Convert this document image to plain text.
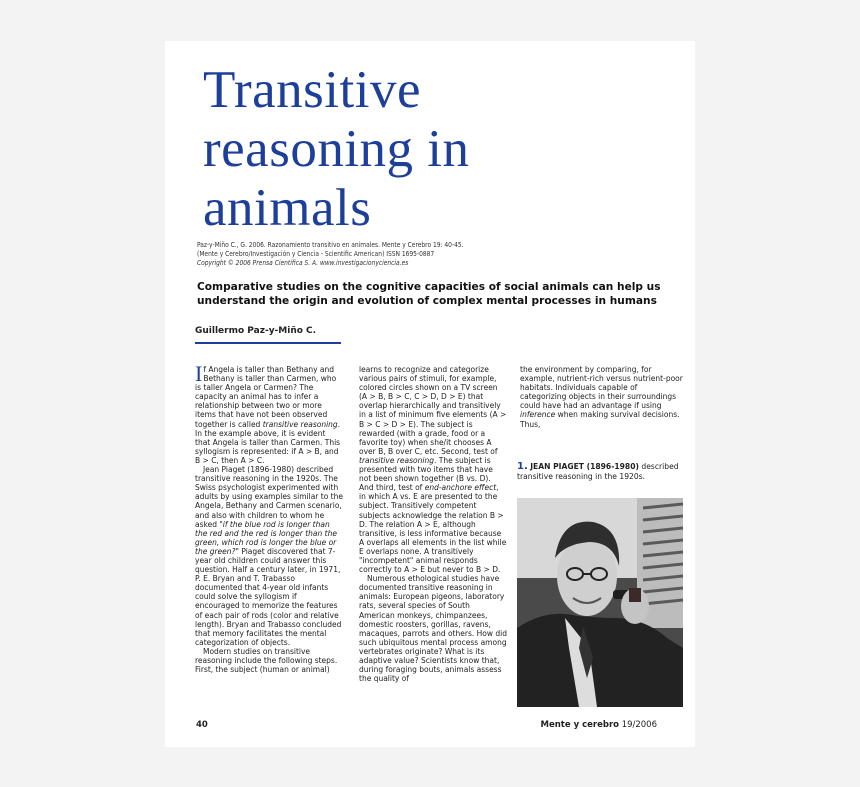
Transitive
reasoning in
animals
Paz-y-Miño C., G. 2006. Razonamiento transitivo en animales. Mente y Cerebro 19: 40-45.
(Mente y Cerebro/Investigación y Ciencia - Scientific American) ISSN 1695-0887
Copyright © 2006 Prensa Científica S. A. www.investigacionyciencia.es
Comparative studies on the cognitive capacities of social animals can help us understand the origin and evolution of complex mental processes in humans
Guillermo Paz-y-Miño C.

If Angela is taller than Bethany and Bethany is taller than Carmen, who is taller Angela or Carmen? The capacity an animal has to infer a relationship between two or more items that have not been observed together is called transitive reasoning. In the example above, it is evident that Angela is taller than Carmen. This syllogism is represented: if A > B, and B > C, then A > C.

Jean Piaget (1896-1980) described transitive reasoning in the 1920s. The Swiss psychologist experimented with adults by using examples similar to the Angela, Bethany and Carmen scenario, and also with children to whom he asked "if the blue rod is longer than the red and the red is longer than the green, which rod is longer the blue or the green?" Piaget discovered that 7-year old children could answer this question. Half a century later, in 1971, P. E. Bryan and T. Trabasso documented that 4-year old infants could solve the syllogism if encouraged to memorize the features of each pair of rods (color and relative length). Bryan and Trabasso concluded that memory facilitates the mental categorization of objects.

Modern studies on transitive reasoning include the following steps. First, the subject (human or animal)

learns to recognize and categorize various pairs of stimuli, for example, colored circles shown on a TV screen (A > B, B > C, C > D, D > E) that overlap hierarchically and transitively in a list of minimum five elements (A > B > C > D > E). The subject is rewarded (with a grade, food or a favorite toy) when she/it chooses A over B, B over C, etc. Second, test of transitive reasoning. The subject is presented with two items that have not been shown together (B vs. D). And third, test of end-anchore effect, in which A vs. E are presented to the subject. Transitively competent subjects acknowledge the relation B > D. The relation A > E, although transitive, is less informative because A overlaps all elements in the list while E overlaps none. A transitively "incompetent" animal responds correctly to A > E but never to B > D.

Numerous ethological studies have documented transitive reasoning in animals: European pigeons, laboratory rats, several species of South American monkeys, chimpanzees, domestic roosters, gorillas, ravens, macaques, parrots and others. How did such ubiquitous mental process among vertebrates originate? What is its adaptive value? Scientists know that, during foraging bouts, animals assess the quality of

the environment by comparing, for example, nutrient-rich versus nutrient-poor habitats. Individuals capable of categorizing objects in their surroundings could have had an advantage if using inference when making survival decisions. Thus,

1. JEAN PIAGET (1896-1980) described transitive reasoning in the 1920s.
40	Mente y cerebro 19/2006
